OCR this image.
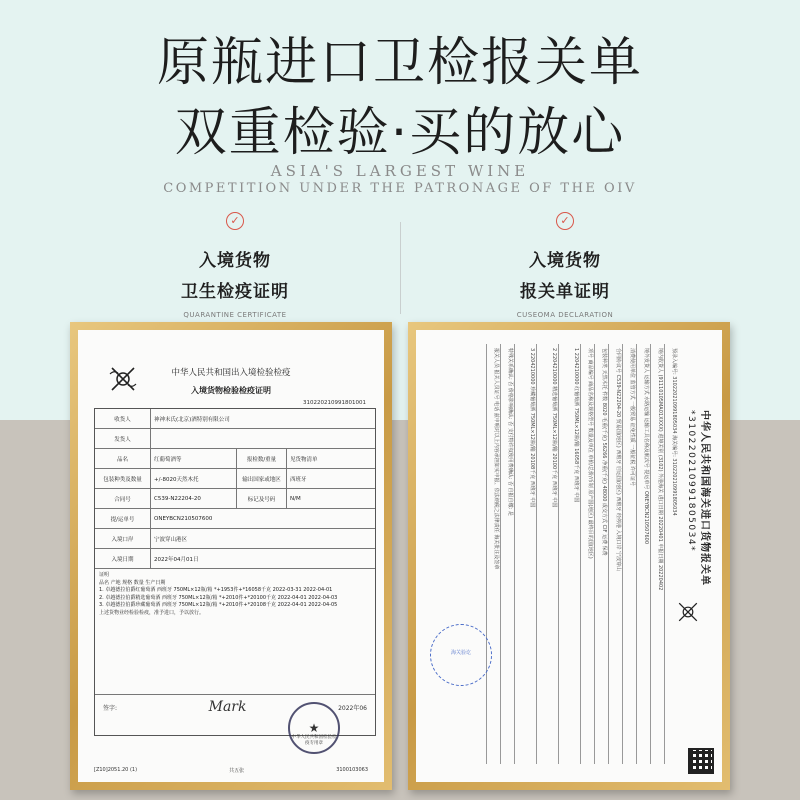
原瓶进口卫检报关单
双重检验·买的放心
ASIA'S LARGEST WINE
COMPETITION UNDER THE PATRONAGE OF THE OIV
✓
入境货物
卫生检疫证明
QUARANTINE CERTIFICATE
✓
入境货物
报关单证明
CUSEOMA DECLARATION
中华人民共和国出入境检验检疫
入境货物检验检疫证明
310220210991801001
收货人	神神末氏(北京)酒特别有限公司
发货人
品名	红葡萄酒等	报检数/重量	见货物清单
包装种类及数量	+/-8020天然木托	输出国家或地区	西班牙
合同号	C539-N22204-20	标记及号码	N/M
提/运单号	ONEYBCN210507600
入境口岸	宁波穿山港区
入境日期	2022年04月01日
证明
品名 产地 规格 数量 生产日期
1. 卓越德拉伯爵红葡萄酒 西班牙 750ML×12瓶/箱 *+1953件+*16058千克 2022-03-31 2022-04-01
2. 卓越德拉伯爵精选葡萄酒 西班牙 750ML×12瓶/箱 *+2010件+*20100千克 2022-04-01 2022-04-03
3. 卓越德拉伯爵珍藏葡萄酒 西班牙 750ML×12瓶/箱 *+2010件+*20108千克 2022-04-01 2022-04-05
上述货物业经检验检疫，准予进口，予以放行。
签字:	Mark	2022年06
★
中华人民共和国检验检疫专用章
[Z10]2051.20 (1)	共五张	3100103063
中华人民共和国海关进口货物报关单
*310220210991805034*
预录入编号: 310220210991805034 海关编号: 310220210991805034
境内收货人 (91110105MA01XXXX) 进境关别 (3102) 外港海关 进口日期 20220401 申报日期 20220402
境外发货人 运输方式 水路运输 运输工具名称及航次号 提运单号 ONEYBCN210507600
消费使用单位 监管方式 一般贸易 征免性质 一般征税 许可证号
合同协议号 C539-N22204-20 贸易国(地区) 西班牙 启运国(地区) 西班牙 经停港 入境口岸 宁波穿山
包装种类 天然木托 件数 8020 毛重(千克) 56266 净重(千克) 48000 成交方式 CIF 运费 保费
项号 商品编号 商品名称及规格型号 数量及单位 单价/总价/币制 原产国(地区) 最终目的国(地区)
1 2204210000 红葡萄酒 750ML×12瓶/箱 16058千克 西班牙 中国
2 2204210000 精选葡萄酒 750ML×12瓶/箱 20100千克 西班牙 中国
3 2204210000 珍藏葡萄酒 750ML×12瓶/箱 20108千克 西班牙 中国
特殊关系确认: 否 价格影响确认: 否 支付特许权使用费确认: 否 自报自缴: 是
报关人员 报关人员证号 电话 兹申明对以上内容承担如实申报、依法纳税之法律责任 海关批注及签章
海关验讫
